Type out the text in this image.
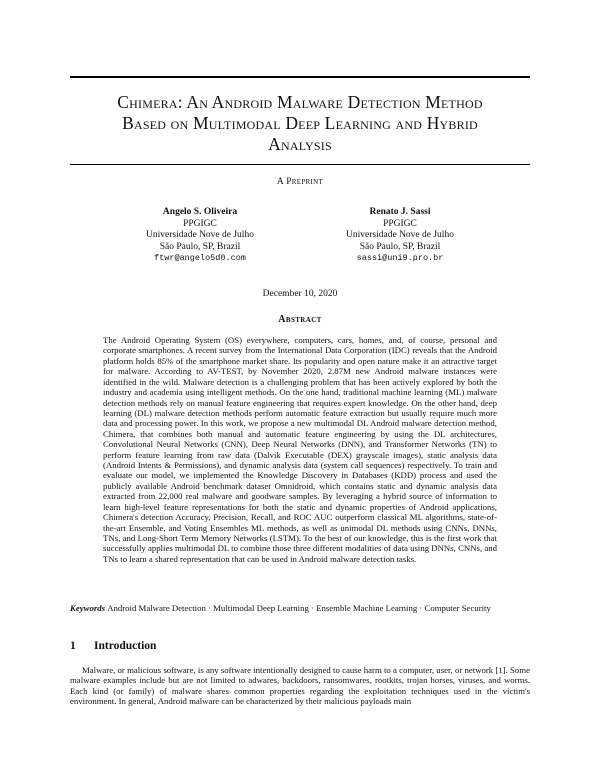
Chimera: An Android Malware Detection Method
Based on Multimodal Deep Learning and Hybrid
Analysis
A Preprint
Angelo S. Oliveira
PPGIGC
Universidade Nove de Julho
São Paulo, SP, Brazil
ftwr@angelo5d0.com
Renato J. Sassi
PPGIGC
Universidade Nove de Julho
São Paulo, SP, Brazil
sassi@uni9.pro.br
December 10, 2020
Abstract

The Android Operating System (OS) everywhere, computers, cars, homes, and, of course, personal and corporate smartphones. A recent survey from the International Data Corporation (IDC) reveals that the Android platform holds 85% of the smartphone market share. Its popularity and open nature make it an attractive target for malware. According to AV-TEST, by November 2020, 2.87M new Android malware instances were identified in the wild. Malware detection is a challenging problem that has been actively explored by both the industry and academia using intelligent methods. On the one hand, traditional machine learning (ML) malware detection methods rely on manual feature engineering that requires expert knowledge. On the other hand, deep learning (DL) malware detection methods perform automatic feature extraction but usually require much more data and processing power. In this work, we propose a new multimodal DL Android malware detection method, Chimera, that combines both manual and automatic feature engineering by using the DL architectures, Convolutional Neural Networks (CNN), Deep Neural Networks (DNN), and Transformer Networks (TN) to perform feature learning from raw data (Dalvik Executable (DEX) grayscale images), static analysis data (Android Intents & Permissions), and dynamic analysis data (system call sequences) respectively. To train and evaluate our model, we implemented the Knowledge Discovery in Databases (KDD) process and used the publicly available Android benchmark dataset Omnidroid, which contains static and dynamic analysis data extracted from 22,000 real malware and goodware samples. By leveraging a hybrid source of information to learn high-level feature representations for both the static and dynamic properties of Android applications, Chimera's detection Accuracy, Precision, Recall, and ROC AUC outperform classical ML algorithms, state-of-the-art Ensemble, and Voting Ensembles ML methods, as well as unimodal DL methods using CNNs, DNNs, TNs, and Long-Short Term Memory Networks (LSTM). To the best of our knowledge, this is the first work that successfully applies multimodal DL to combine those three different modalities of data using DNNs, CNNs, and TNs to learn a shared representation that can be used in Android malware detection tasks.

Keywords Android Malware Detection · Multimodal Deep Learning · Ensemble Machine Learning · Computer Security

1 Introduction

Malware, or malicious software, is any software intentionally designed to cause harm to a computer, user, or network [1]. Some malware examples include but are not limited to adwares, backdoors, ransomwares, rootkits, trojan horses, viruses, and worms. Each kind (or family) of malware shares common properties regarding the exploitation techniques used in the victim's environment. In general, Android malware can be characterized by their malicious payloads main
